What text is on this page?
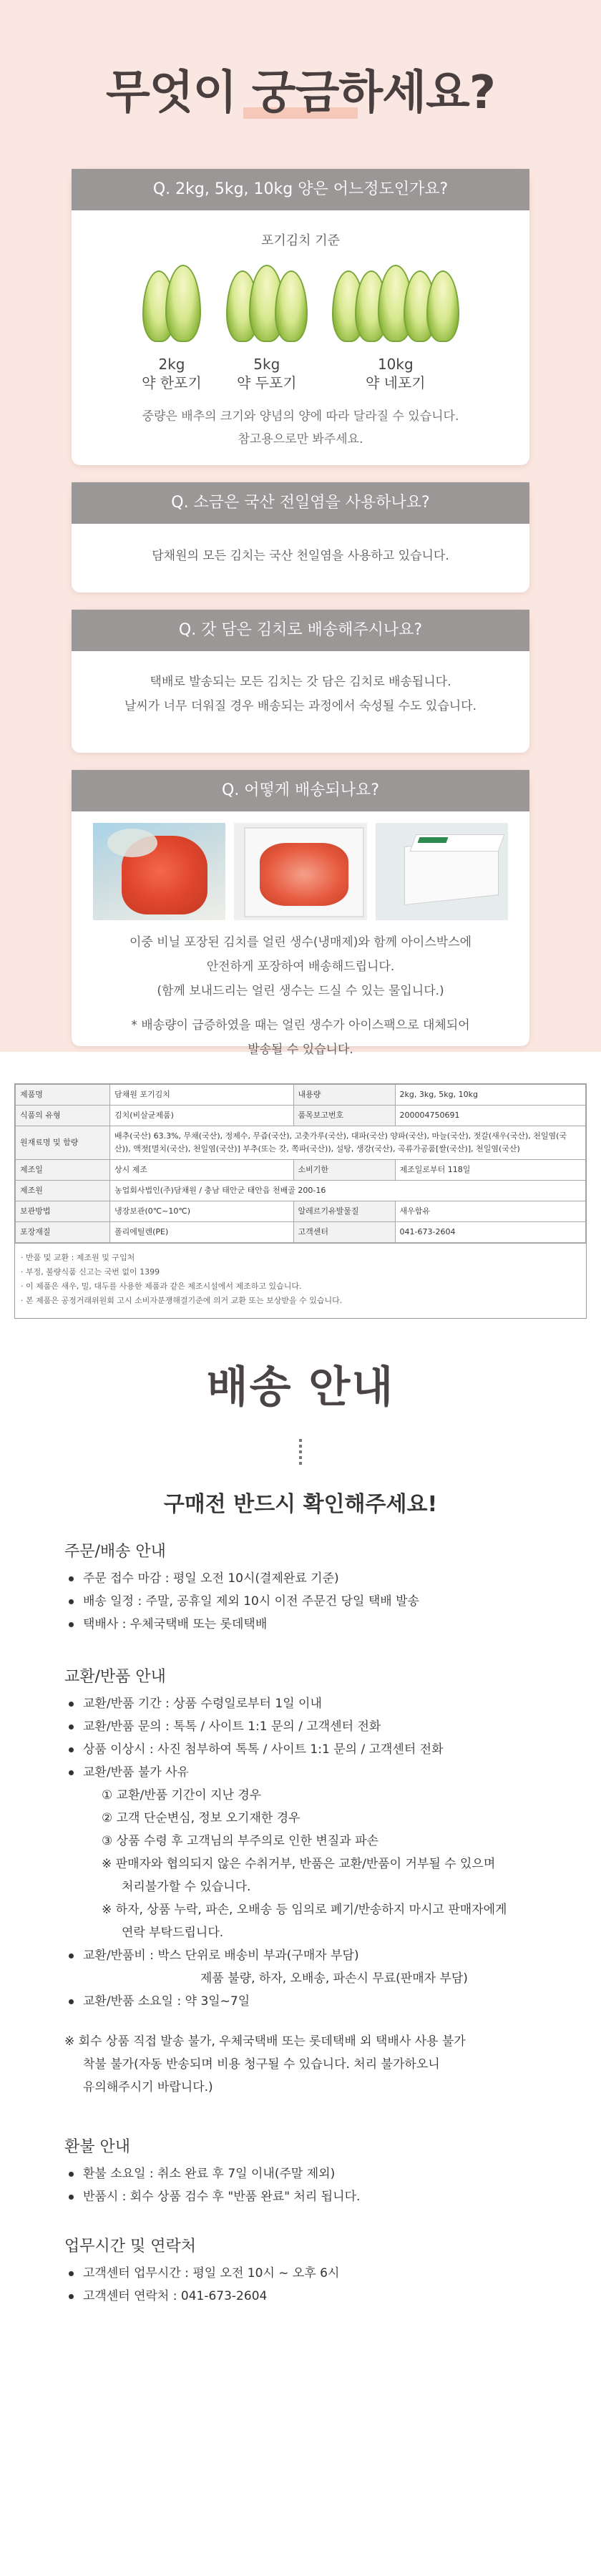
무엇이 궁금하세요?
Q. 2kg, 5kg, 10kg 양은 어느정도인가요?
포기김치 기준
2kg
약 한포기
5kg
약 두포기
10kg
약 네포기
중량은 배추의 크기와 양념의 양에 따라 달라질 수 있습니다.
참고용으로만 봐주세요.
Q. 소금은 국산 전일염을 사용하나요?
담채원의 모든 김치는 국산 천일염을 사용하고 있습니다.
Q. 갓 담은 김치로 배송해주시나요?
택배로 발송되는 모든 김치는 갓 담은 김치로 배송됩니다.
날씨가 너무 더워질 경우 배송되는 과정에서 숙성될 수도 있습니다.
Q. 어떻게 배송되나요?
이중 비닐 포장된 김치를 얼린 생수(냉매제)와 함께 아이스박스에
안전하게 포장하여 배송해드립니다.
(함께 보내드리는 얼린 생수는 드실 수 있는 물입니다.)
* 배송량이 급증하였을 때는 얼린 생수가 아이스팩으로 대체되어
발송될 수 있습니다.
제품명	담채원 포기김치	내용량	2kg, 3kg, 5kg, 10kg
식품의 유형	김치(비살균제품)	품목보고번호	2000047506​91
원재료명 및 함량	배추(국산) 63.3%, 무채(국산), 정제수, 무즙(국산), 고춧가루(국산), 대파(국산) 양파(국산), 마늘(국산), 젓갈(새우(국산), 천일염(국산)), 액젓[멸치(국산), 천일염(국산)] 부추(또는 갓, 쪽파(국산)), 설탕, 생강(국산), 곡류가공품[쌀(국산)], 천일염(국산)		
제조일	상시 제조	소비기한	제조일로부터 118일
제조원	농업회사법인(주)담채원 / 충남 태안군 태안읍 천배골 200-16		
보관방법	냉장보관(0℃~10℃)	알레르기유발물질	새우함유
포장재질	폴리에틸렌(PE)	고객센터	041-673-2604
· 반품 및 교환 : 제조원 및 구입처
· 부정, 불량식품 신고는 국번 없이 1399
· 이 제품은 새우, 밀, 대두를 사용한 제품과 같은 제조시설에서 제조하고 있습니다.
· 본 제품은 공정거래위원회 고시 소비자분쟁해결기준에 의거 교환 또는 보상받을 수 있습니다.
배송 안내
구매전 반드시 확인해주세요!
주문/배송 안내
주문 접수 마감 : 평일 오전 10시(결제완료 기준)
배송 일정 : 주말, 공휴일 제외 10시 이전 주문건 당일 택배 발송
택배사 : 우체국택배 또는 롯데택배
교환/반품 안내
교환/반품 기간 : 상품 수령일로부터 1일 이내
교환/반품 문의 : 톡톡 / 사이트 1:1 문의 / 고객센터 전화
상품 이상시 : 사진 첨부하여 톡톡 / 사이트 1:1 문의 / 고객센터 전화
교환/반품 불가 사유
① 교환/반품 기간이 지난 경우
② 고객 단순변심, 정보 오기재한 경우
③ 상품 수령 후 고객님의 부주의로 인한 변질과 파손
※ 판매자와 협의되지 않은 수취거부, 반품은 교환/반품이 거부될 수 있으며
처리불가할 수 있습니다.
※ 하자, 상품 누락, 파손, 오배송 등 임의로 폐기/반송하지 마시고 판매자에게
연락 부탁드립니다.
교환/반품비 : 박스 단위로 배송비 부과(구매자 부담)
제품 불량, 하자, 오배송, 파손시 무료(판매자 부담)
교환/반품 소요일 : 약 3일~7일
※ 회수 상품 직접 발송 불가, 우체국택배 또는 롯데택배 외 택배사 사용 불가
착불 불가(자동 반송되며 비용 청구될 수 있습니다. 처리 불가하오니
유의해주시기 바랍니다.)
환불 안내
환불 소요일 : 취소 완료 후 7일 이내(주말 제외)
반품시 : 회수 상품 검수 후 "반품 완료" 처리 됩니다.
업무시간 및 연락처
고객센터 업무시간 : 평일 오전 10시 ~ 오후 6시
고객센터 연락처 : 041-673-2604
